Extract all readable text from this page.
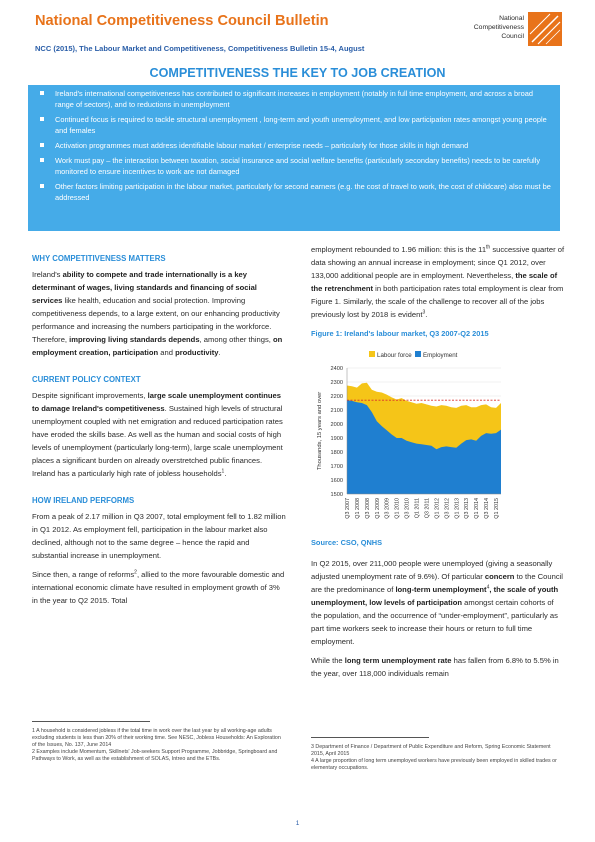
National Competitiveness Council Bulletin
NCC (2015), The Labour Market and Competitiveness, Competitiveness Bulletin 15-4, August
National
Competitiveness
Council
COMPETITIVENESS THE KEY TO JOB CREATION
Ireland's international competitiveness has contributed to significant increases in employment (notably in full time employment, and across a broad range of sectors), and to reductions in unemployment
Continued focus is required to tackle structural unemployment , long-term and youth unemployment, and low participation rates amongst young people and females
Activation programmes must address identifiable labour market / enterprise needs – particularly for those skills in high demand
Work must pay – the interaction between taxation, social insurance and social welfare benefits (particularly secondary benefits) needs to be carefully monitored to ensure incentives to work are not damaged
Other factors limiting participation in the labour market, particularly for second earners (e.g. the cost of travel to work, the cost of childcare) also must be addressed
WHY COMPETITIVENESS MATTERS
Ireland's ability to compete and trade internationally is a key determinant of wages, living standards and financing of social services like health, education and social protection. Improving competitiveness depends, to a large extent, on our enhancing productivity performance and increasing the numbers participating in the workforce. Therefore, improving living standards depends, among other things, on employment creation, participation and productivity.
CURRENT POLICY CONTEXT
Despite significant improvements, large scale unemployment continues to damage Ireland's competitiveness. Sustained high levels of structural unemployment coupled with net emigration and reduced participation rates have eroded the skills base. As well as the human and social costs of high levels of unemployment (particularly long-term), large scale unemployment places a significant burden on already overstretched public finances. Ireland has a particularly high rate of jobless households$^1$.
HOW IRELAND PERFORMS
From a peak of 2.17 million in Q3 2007, total employment fell to 1.82 million in Q1 2012. As employment fell, participation in the labour market also declined, although not to the same degree – hence the rapid and substantial increase in unemployment.
Since then, a range of reforms$^2$, allied to the more favourable domestic and international economic climate have resulted in employment growth of 3% in the year to Q2 2015. Total
employment rebounded to 1.96 million: this is the 11th successive quarter of data showing an annual increase in employment; since Q1 2012, over 133,000 additional people are in employment. Nevertheless, the scale of the retrenchment in both participation rates total employment is clear from Figure 1. Similarly, the scale of the challenge to recover all of the jobs previously lost by 2018 is evident$^3$.
Figure 1: Ireland's labour market, Q3 2007-Q2 2015
Labour force Employment
1500
1600
1700
1800
1900
2000
2100
2200
2300
2400
Thousands, 15 years and over
Q3 2007 Q1 2008 Q3 2008 Q1 2009 Q3 2009 Q1 2010 Q3 2010 Q1 2011 Q3 2011 Q1 2012 Q3 2012 Q1 2013 Q3 2013 Q1 2014 Q3 2014 Q1 2015
Source: CSO, QNHS
In Q2 2015, over 211,000 people were unemployed (giving a seasonally adjusted unemployment rate of 9.6%). Of particular concern to the Council are the predominance of long-term unemployment$^4$, the scale of youth unemployment, low levels of participation amongst certain cohorts of the population, and the occurrence of “under-employment”, particularly as part time workers seek to increase their hours or return to full time employment.
While the long term unemployment rate has fallen from 6.8% to 5.5% in the year, over 118,000 individuals remain

1 A household is considered jobless if the total time in work over the last year by all working-age adults excluding students is less than 20% of their working time. See NESC, Jobless Households: An Exploration of the Issues, No. 137, June 2014

2 Examples include Momentum, Skillnets' Job-seekers Support Programme, Jobbridge, Springboard and Pathways to Work, as well as the establishment of SOLAS, Intreo and the ETBs.

3 Department of Finance / Department of Public Expenditure and Reform, Spring Economic Statement 2015, April 2015

4 A large proportion of long term unemployed workers have previously been employed in skilled trades or elementary occupations.

1
